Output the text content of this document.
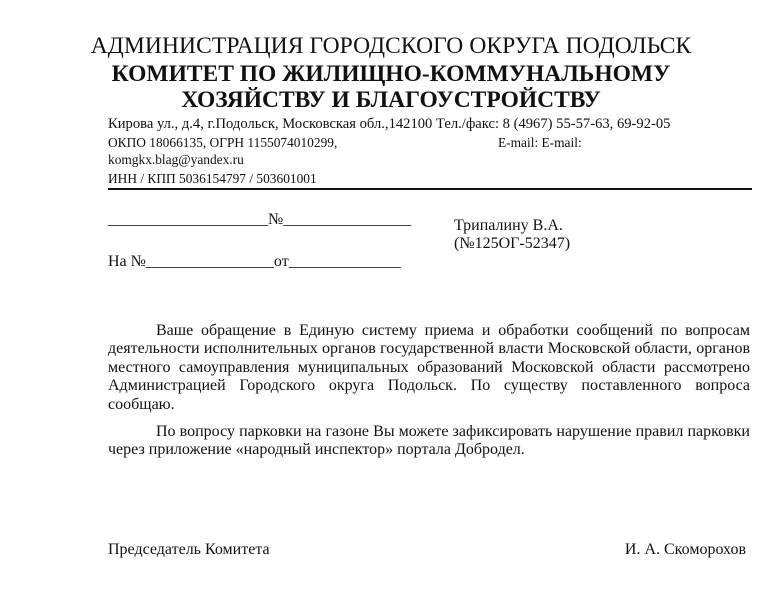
АДМИНИСТРАЦИЯ ГОРОДСКОГО ОКРУГА ПОДОЛЬСК
КОМИТЕТ ПО ЖИЛИЩНО-КОММУНАЛЬНОМУ
ХОЗЯЙСТВУ И БЛАГОУСТРОЙСТВУ
Кирова ул., д.4, г.Подольск, Московская обл.,142100 Тел./факс: 8 (4967) 55-57-63, 69-92-05
ОКПО 18066135, ОГРН 1155074010299,	E-mail: E-mail:
komgkx.blag@yandex.ru
ИНН / КПП 5036154797 / 503601001
____________________№________________
На №________________от______________
Трипалину В.А.
(№125ОГ-52347)

Ваше обращение в Единую систему приема и обработки сообщений по вопросам деятельности исполнительных органов государственной власти Московской области, органов местного самоуправления муниципальных образований Московской области рассмотрено Администрацией Городского округа Подольск. По существу поставленного вопроса сообщаю.

По вопросу парковки на газоне Вы можете зафиксировать нарушение правил парковки через приложение «народный инспектор» портала Добродел.

Председатель Комитета	И. А. Скоморохов
